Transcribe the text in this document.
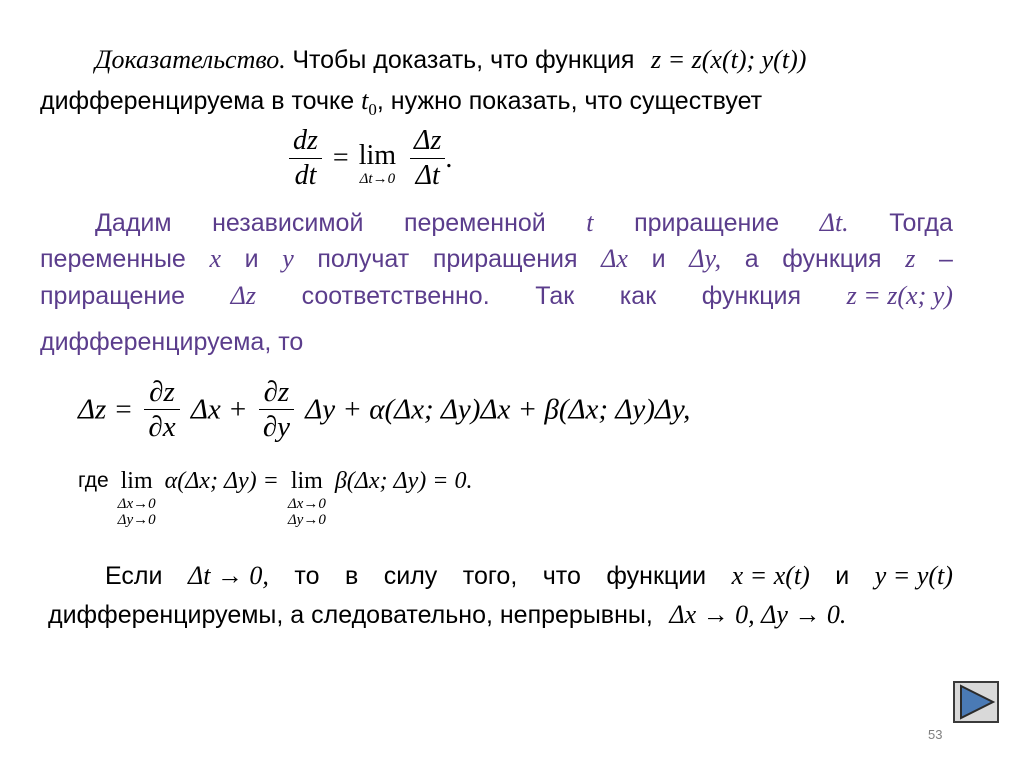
Доказательство. Чтобы доказать, что функция z = z(x(t); y(t))
дифференцируема в точке $t_0$, нужно показать, что существует
$\frac{dz}{dt} = \lim$
Δt→0
$\frac{\Delta z}{\Delta t}$ .
Дадим независимой переменной t приращение Δt. Тогда
переменные x и y получат приращения Δx и Δy, а функция z –
приращение Δz соответственно. Так как функция z = z(x; y)
дифференцируема, то
$\Delta z = \frac{\partial z}{\partial x}$ $\Delta x + \frac{\partial z}{\partial y}$ Δy + α(Δx; Δy)Δx + β(Δx; Δy)Δy,
где lim
Δx→0
Δy→0
α(Δx; Δy) = lim
Δx→0
Δy→0
β(Δx; Δy) = 0.
Если Δt → 0, то в силу того, что функции x = x(t) и y = y(t)
дифференцируемы, а следовательно, непрерывны, Δx → 0, Δy → 0.
53
